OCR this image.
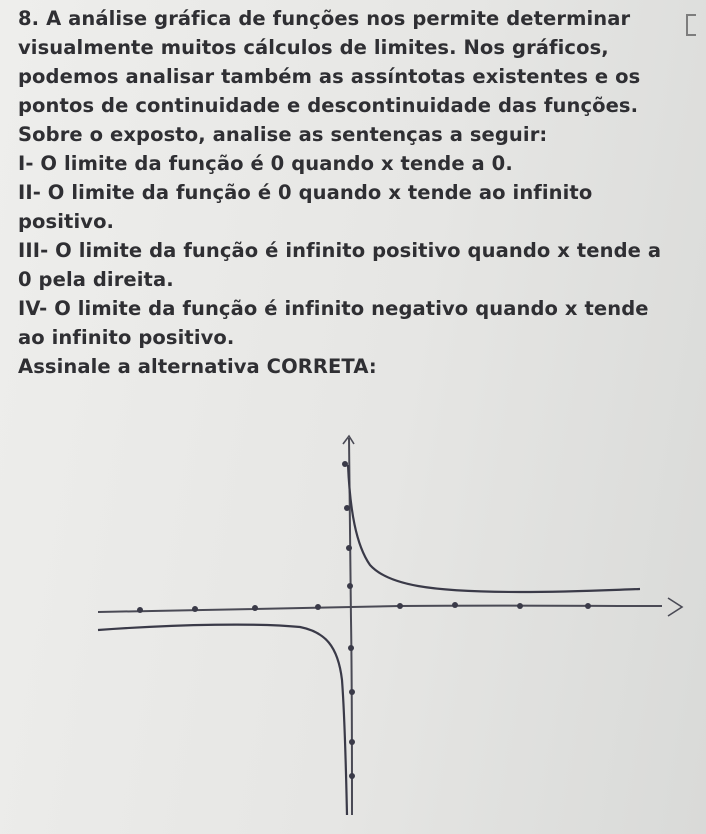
8. A análise gráfica de funções nos permite determinar visualmente muitos cálculos de limites. Nos gráficos, podemos analisar também as assíntotas existentes e os pontos de continuidade e descontinuidade das funções. Sobre o exposto, analise as sentenças a seguir:

I- O limite da função é 0 quando x tende a 0.
II- O limite da função é 0 quando x tende ao infinito positivo.
III- O limite da função é infinito positivo quando x tende a 0 pela direita.
IV- O limite da função é infinito negativo quando x tende ao infinito positivo.

Assinale a alternativa CORRETA:
